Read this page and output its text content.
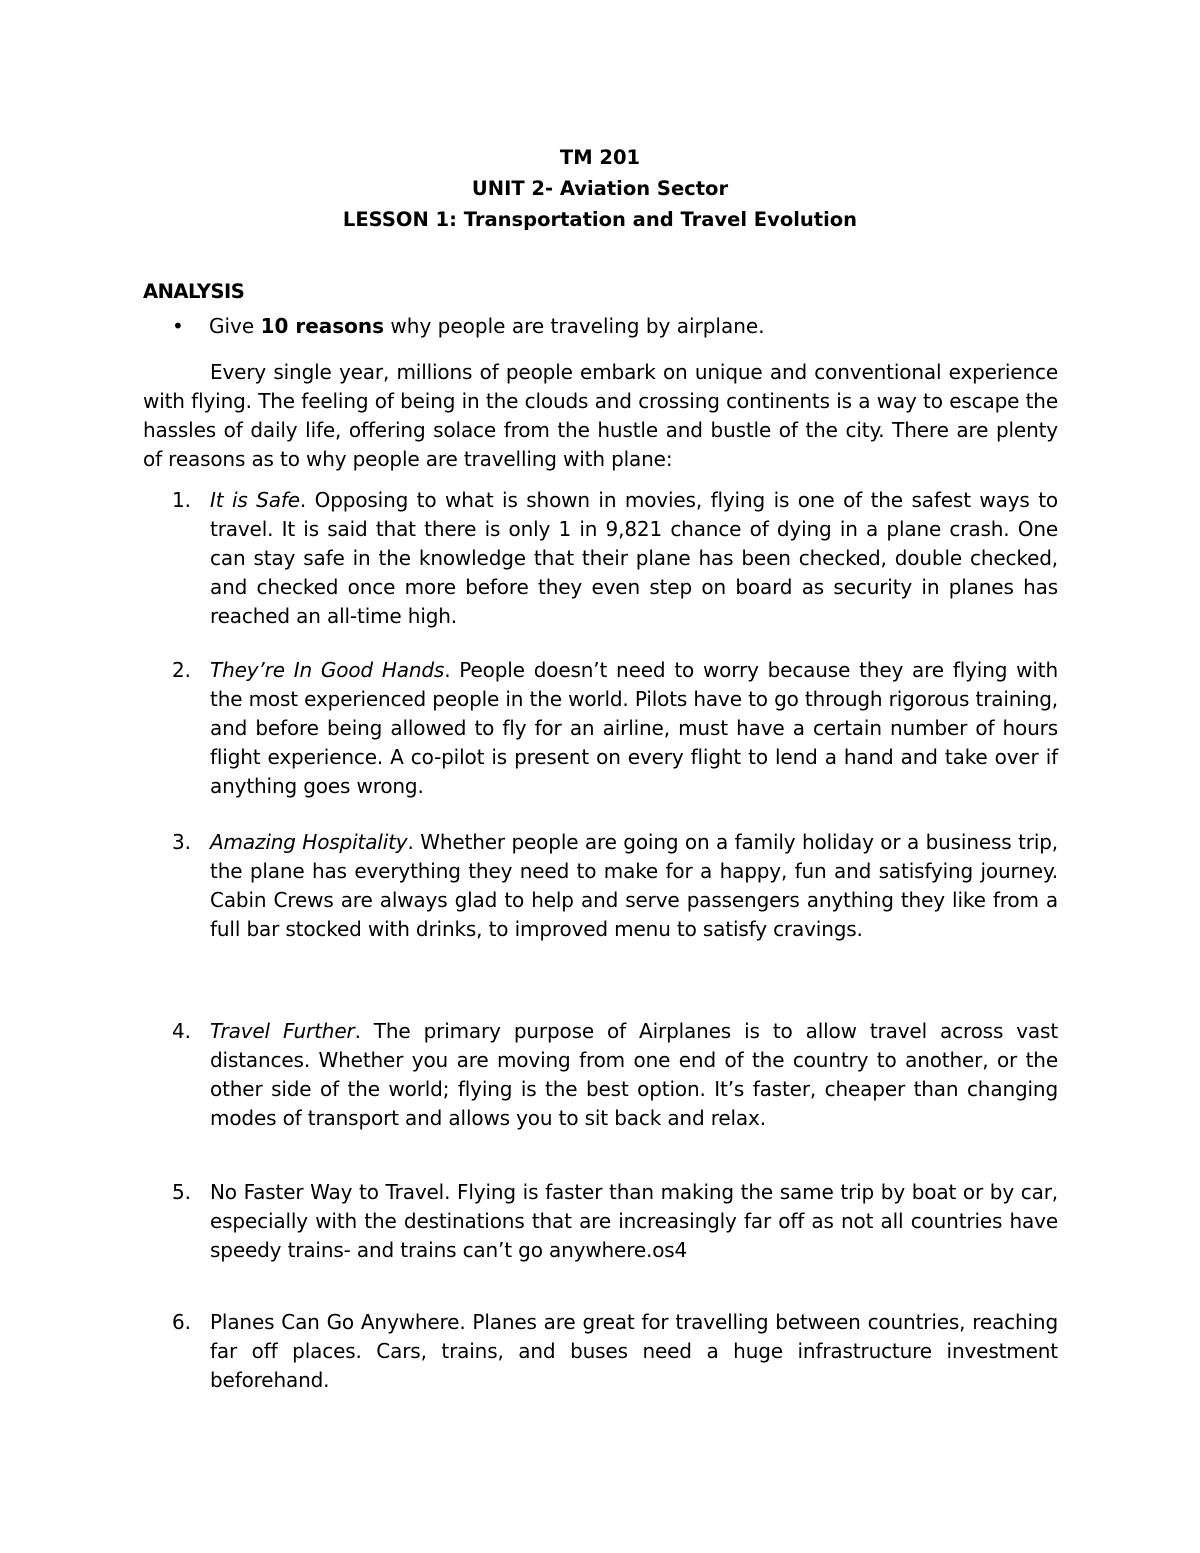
TM 201
UNIT 2- Aviation Sector
LESSON 1: Transportation and Travel Evolution
ANALYSIS
• Give 10 reasons why people are traveling by airplane.

Every single year, millions of people embark on unique and conventional experience with flying. The feeling of being in the clouds and crossing continents is a way to escape the hassles of daily life, offering solace from the hustle and bustle of the city. There are plenty of reasons as to why people are travelling with plane:

1. It is Safe. Opposing to what is shown in movies, flying is one of the safest ways to travel. It is said that there is only 1 in 9,821 chance of dying in a plane crash. One can stay safe in the knowledge that their plane has been checked, double checked, and checked once more before they even step on board as security in planes has reached an all-time high.
2. They’re In Good Hands. People doesn’t need to worry because they are flying with the most experienced people in the world. Pilots have to go through rigorous training, and before being allowed to fly for an airline, must have a certain number of hours flight experience. A co-pilot is present on every flight to lend a hand and take over if anything goes wrong.
3. Amazing Hospitality. Whether people are going on a family holiday or a business trip, the plane has everything they need to make for a happy, fun and satisfying journey. Cabin Crews are always glad to help and serve passengers anything they like from a full bar stocked with drinks, to improved menu to satisfy cravings.
4. Travel Further. The primary purpose of Airplanes is to allow travel across vast distances. Whether you are moving from one end of the country to another, or the other side of the world; flying is the best option. It’s faster, cheaper than changing modes of transport and allows you to sit back and relax.
5. No Faster Way to Travel. Flying is faster than making the same trip by boat or by car, especially with the destinations that are increasingly far off as not all countries have speedy trains- and trains can’t go anywhere.os4
6. Planes Can Go Anywhere. Planes are great for travelling between countries, reaching far off places. Cars, trains, and buses need a huge infrastructure investment beforehand.
